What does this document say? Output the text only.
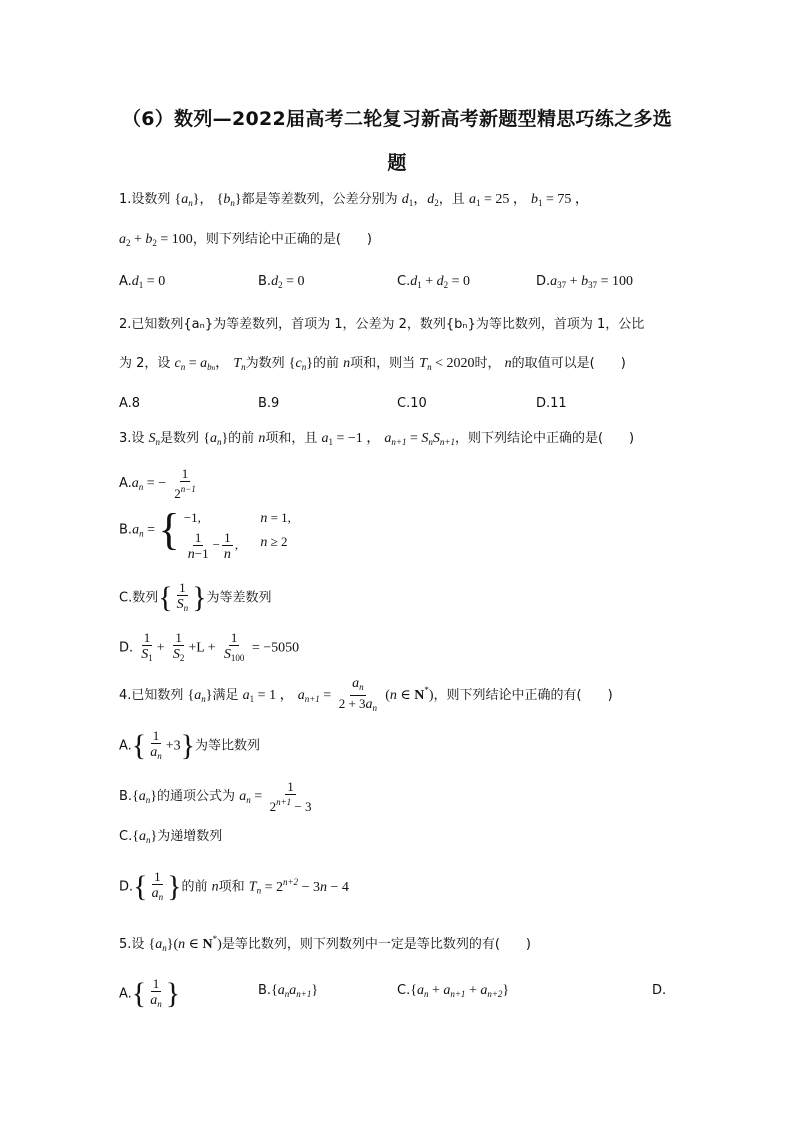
（6）数列—2022届高考二轮复习新高考新题型精思巧练之多选
题
1.设数列 $\{a_n\}$， $\{b_n\}$都是等差数列，公差分别为 $d_1$，$d_2$，且 $a_1 = 25$ ， $b_1 = 75$ ，
$a_2 + b_2 = 100$，则下列结论中正确的是(　　)
$A.d_1 = 0$	$B.d_2 = 0$	$C.d_1 + d_2 = 0$	$D.a_{37} + b_{37} = 100$
2.已知数列{aₙ}为等差数列，首项为 1，公差为 2，数列{bₙ}为等比数列，首项为 1，公比
为 2，设 $c_n = a_{bn}$， $T_n$为数列 $\{c_n\}$的前 n项和，则当 $T_n < 2020$时， n的取值可以是(　　)
A.8	B.9	C.10	D.11
3.设 $S_n$是数列 $\{a_n\}$的前 n项和，且 $a_1 = -1$ ， $a_{n+1} = S_nS_{n+1}$，则下列结论中正确的是(　　)
$A.a_n$ = − $\frac{1}{2^{n-1}}$
$B.a_n$ = { −1,
$\frac{1}{n-1} - \frac{1}{n}$ ,

n = 1,
n ≥ 2
C.数列{ $\frac{1}{S_n}$ }为等差数列
D. $\frac{1}{S_1} + \frac{1}{S_2} +L + \frac{1}{S_{100}} = -5050$
4.已知数列 $\{a_n\}$满足 $a_1 = 1$ ， $a_{n+1} = \frac{a_n}{2 + 3a_n} (n$ ∈ N*)，则下列结论中正确的有(　　)
$A.\{ \frac{1}{a_n} +3\}$为等比数列
$B.\{a_n\}$的通项公式为 $a_n = \frac{1}{2^{n+1} - 3}$
$C.\{a_n\}$为递增数列
$D.\{ \frac{1}{a_n}$ }的前 n项和 $T_n = 2^{n+2} - 3n - 4$
5.设 $\{a_n\}(n$ ∈ N*)是等比数列，则下列数列中一定是等比数列的有(　　)
$A.\{ \frac{1}{a_n}$ }	$B.\{a_na_{n+1}\}$	$C.\{a_n + a_{n+1} + a_{n+2}\}$	D.
